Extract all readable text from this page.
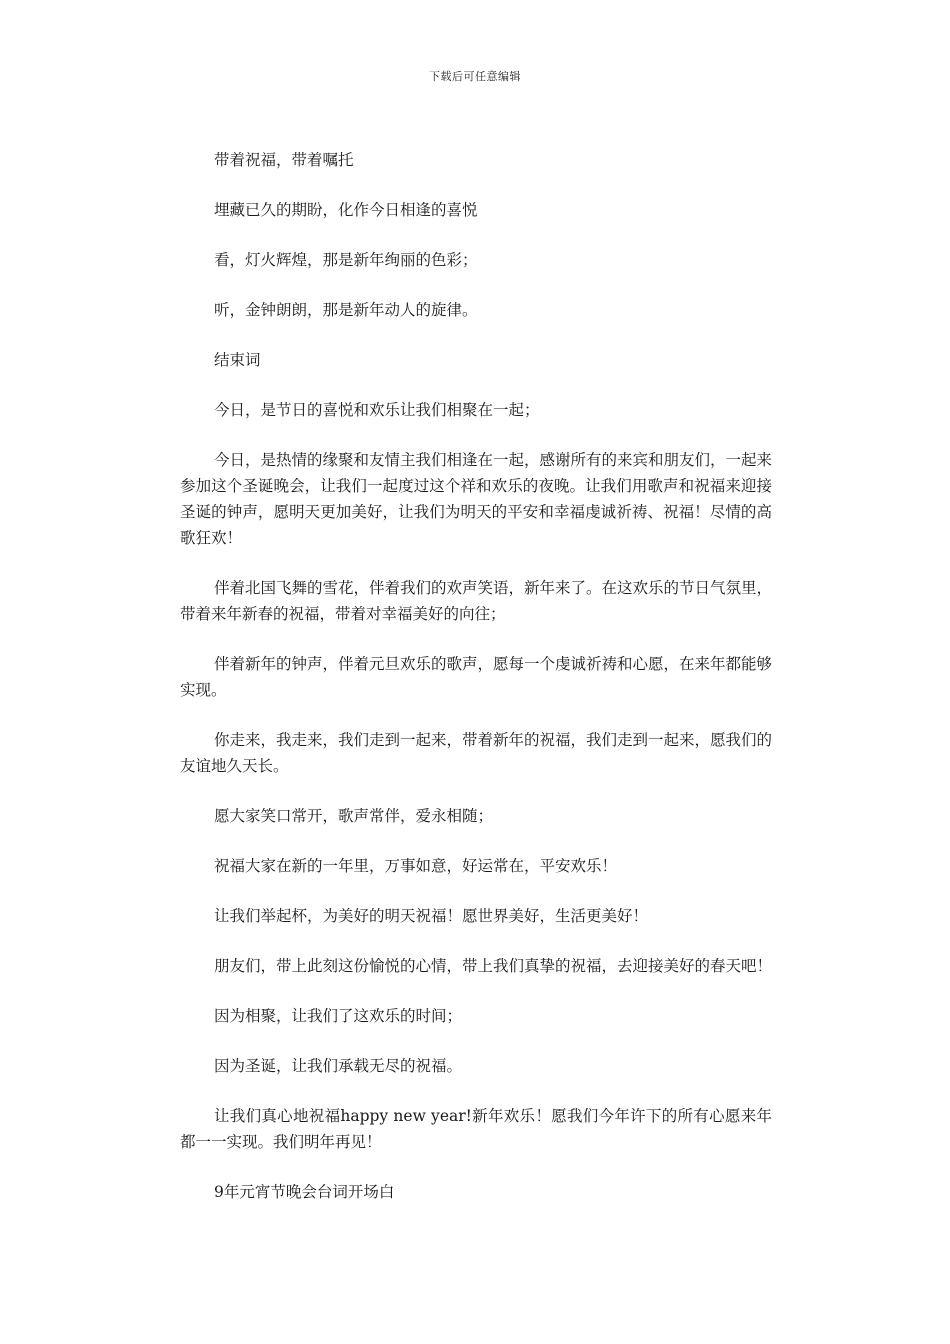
下载后可任意编辑

带着祝福，带着嘱托

埋藏已久的期盼，化作今日相逢的喜悦

看，灯火辉煌，那是新年绚丽的色彩；

听，金钟朗朗，那是新年动人的旋律。

结束词

今日，是节日的喜悦和欢乐让我们相聚在一起；

今日，是热情的缘聚和友情主我们相逢在一起，感谢所有的来宾和朋友们，一起来参加这个圣诞晚会，让我们一起度过这个祥和欢乐的夜晚。让我们用歌声和祝福来迎接圣诞的钟声，愿明天更加美好，让我们为明天的平安和幸福虔诚祈祷、祝福！尽情的高歌狂欢！

伴着北国飞舞的雪花，伴着我们的欢声笑语，新年来了。在这欢乐的节日气氛里，带着来年新春的祝福，带着对幸福美好的向往；

伴着新年的钟声，伴着元旦欢乐的歌声，愿每一个虔诚祈祷和心愿，在来年都能够实现。

你走来，我走来，我们走到一起来，带着新年的祝福，我们走到一起来，愿我们的友谊地久天长。

愿大家笑口常开，歌声常伴，爱永相随；

祝福大家在新的一年里，万事如意，好运常在，平安欢乐！

让我们举起杯，为美好的明天祝福！愿世界美好，生活更美好！

朋友们，带上此刻这份愉悦的心情，带上我们真挚的祝福，去迎接美好的春天吧！

因为相聚，让我们了这欢乐的时间；

因为圣诞，让我们承载无尽的祝福。

让我们真心地祝福happy new year!新年欢乐！愿我们今年许下的所有心愿来年都一一实现。我们明年再见！

9年元宵节晚会台词开场白
